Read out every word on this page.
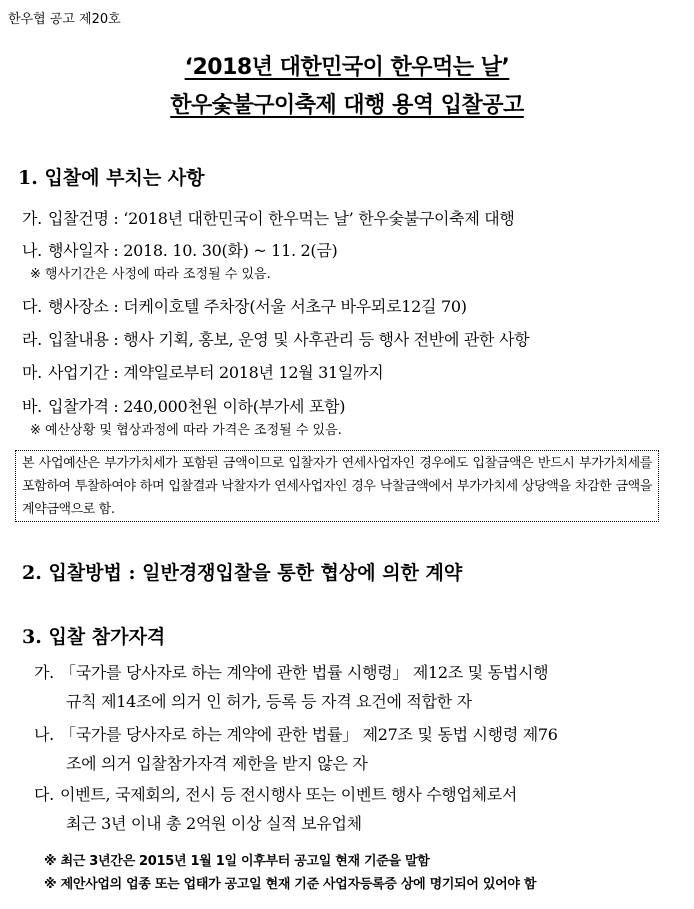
한우협 공고 제20호
‘2018년 대한민국이 한우먹는 날’
한우숯불구이축제 대행 용역 입찰공고
1. 입찰에 부치는 사항
가. 입찰건명 : ‘2018년 대한민국이 한우먹는 날’ 한우숯불구이축제 대행
나. 행사일자 : 2018. 10. 30(화) ~ 11. 2(금)
※ 행사기간은 사정에 따라 조정될 수 있음.
다. 행사장소 : 더케이호텔 주차장(서울 서초구 바우뫼로12길 70)
라. 입찰내용 : 행사 기획, 홍보, 운영 및 사후관리 등 행사 전반에 관한 사항
마. 사업기간 : 계약일로부터 2018년 12월 31일까지
바. 입찰가격 : 240,000천원 이하(부가세 포함)
※ 예산상황 및 협상과정에 따라 가격은 조정될 수 있음.
본 사업예산은 부가가치세가 포함된 금액이므로 입찰자가 연세사업자인 경우에도 입찰금액은 반드시 부가가치세를 포함하여 투찰하여야 하며 입찰결과 낙찰자가 연세사업자인 경우 낙찰금액에서 부가가치세 상당액을 차감한 금액을 계약금액으로 함.
2. 입찰방법 : 일반경쟁입찰을 통한 협상에 의한 계약
3. 입찰 참가자격
가. 「국가를 당사자로 하는 계약에 관한 법률 시행령」 제12조 및 동법시행
규칙 제14조에 의거 인 허가, 등록 등 자격 요건에 적합한 자
나. 「국가를 당사자로 하는 계약에 관한 법률」 제27조 및 동법 시행령 제76
조에 의거 입찰참가자격 제한을 받지 않은 자
다. 이벤트, 국제회의, 전시 등 전시행사 또는 이벤트 행사 수행업체로서
최근 3년 이내 총 2억원 이상 실적 보유업체
※ 최근 3년간은 2015년 1월 1일 이후부터 공고일 현재 기준을 말함
※ 제안사업의 업종 또는 업태가 공고일 현재 기준 사업자등록증 상에 명기되어 있어야 함
